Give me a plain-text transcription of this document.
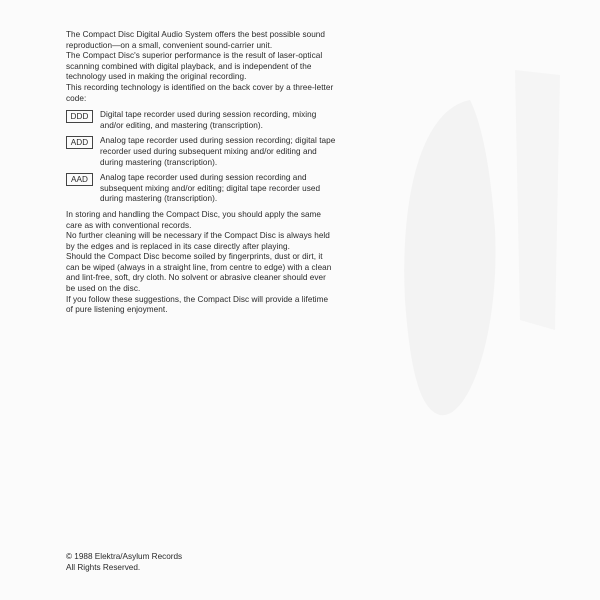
The Compact Disc Digital Audio System offers the best possible sound reproduction—on a small, convenient sound-carrier unit.

The Compact Disc's superior performance is the result of laser-optical scanning combined with digital playback, and is independent of the technology used in making the original recording.

This recording technology is identified on the back cover by a three-letter code:

DDD	Digital tape recorder used during session recording, mixing and/or editing, and mastering (transcription).
ADD	Analog tape recorder used during session recording; digital tape recorder used during subsequent mixing and/or editing and during mastering (transcription).
AAD	Analog tape recorder used during session recording and subsequent mixing and/or editing; digital tape recorder used during mastering (transcription).

In storing and handling the Compact Disc, you should apply the same care as with conventional records.

No further cleaning will be necessary if the Compact Disc is always held by the edges and is replaced in its case directly after playing.

Should the Compact Disc become soiled by fingerprints, dust or dirt, it can be wiped (always in a straight line, from centre to edge) with a clean and lint-free, soft, dry cloth. No solvent or abrasive cleaner should ever be used on the disc.

If you follow these suggestions, the Compact Disc will provide a lifetime of pure listening enjoyment.

© 1988 Elektra/Asylum Records
All Rights Reserved.
